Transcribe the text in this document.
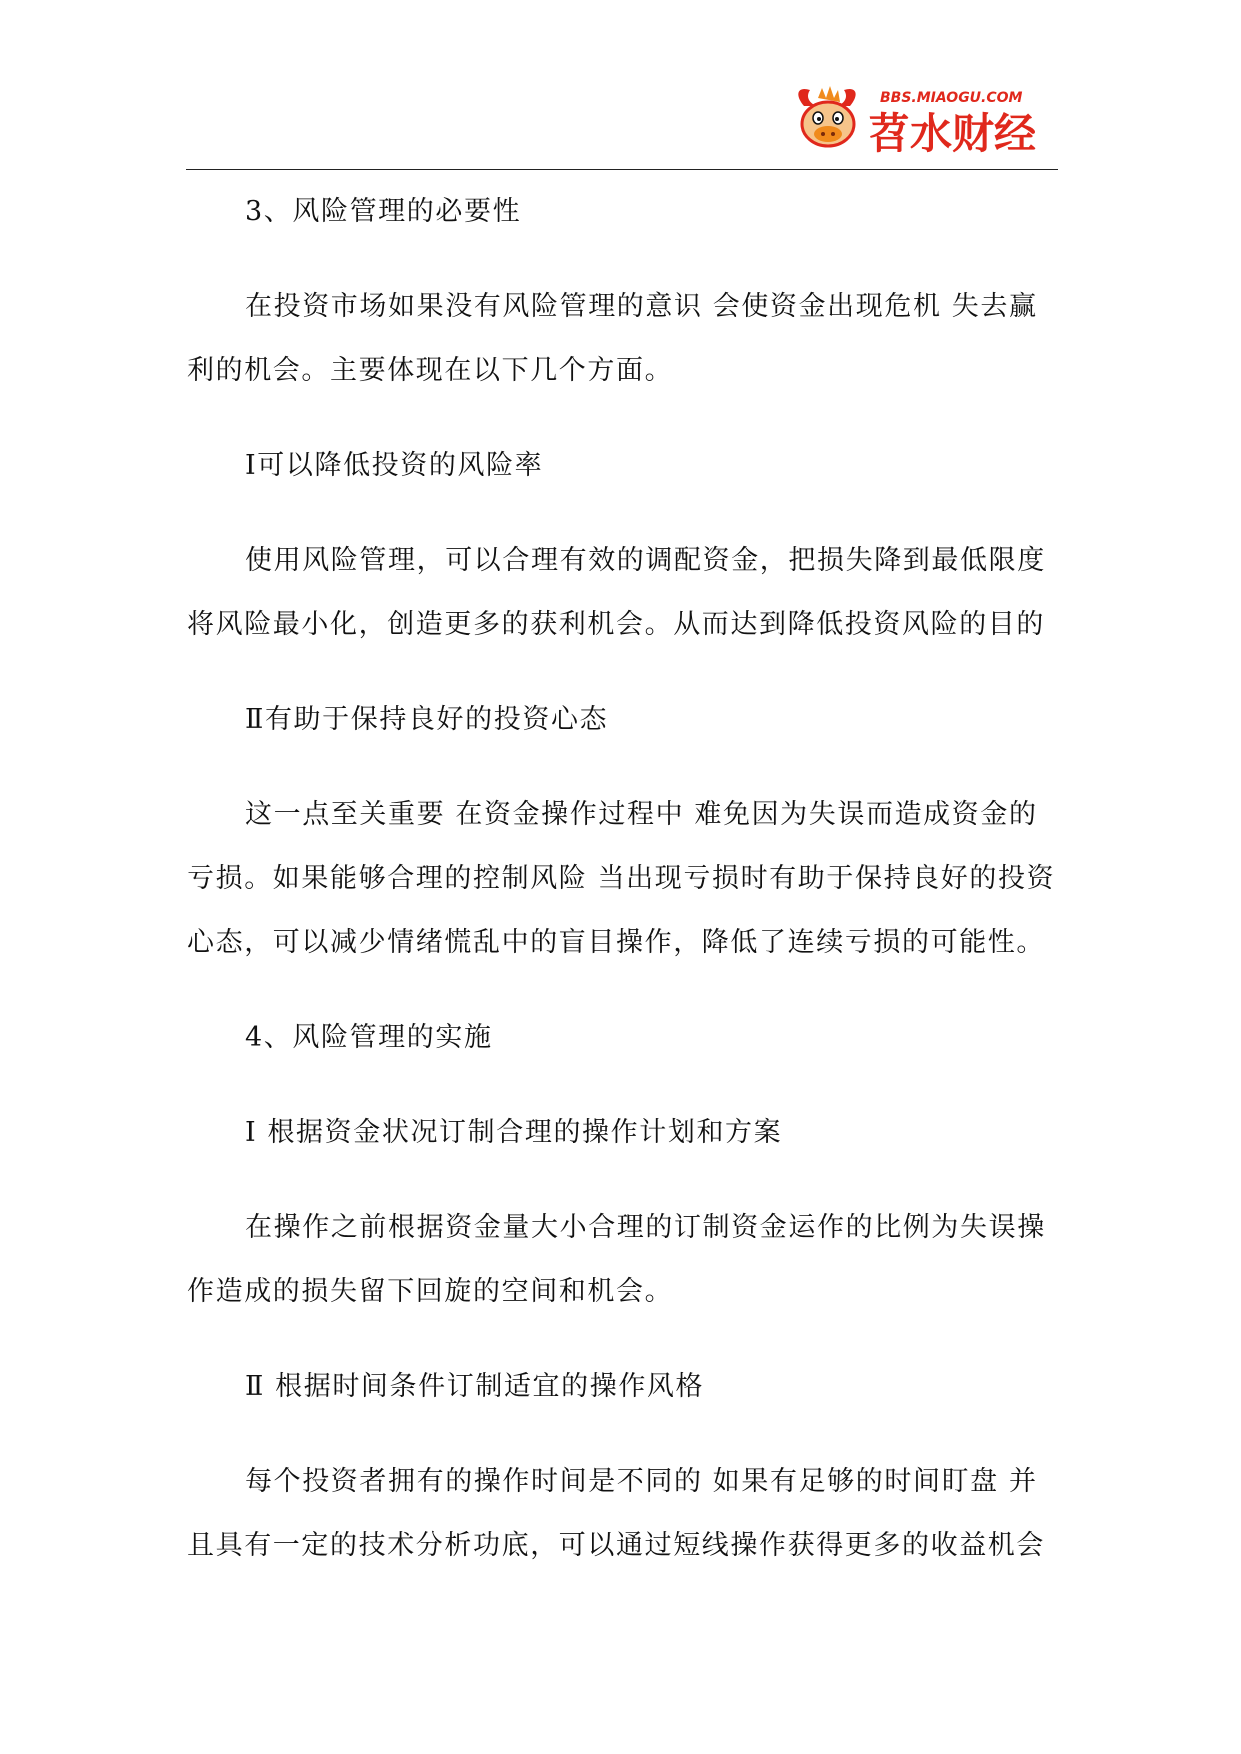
BBS.MIAOGU.COM
苕水财经

3、风险管理的必要性

在投资市场如果没有风险管理的意识 会使资金出现危机 失去赢
利的机会。主要体现在以下几个方面。

Ⅰ可以降低投资的风险率

使用风险管理，可以合理有效的调配资金，把损失降到最低限度
将风险最小化，创造更多的获利机会。从而达到降低投资风险的目的

Ⅱ有助于保持良好的投资心态

这一点至关重要 在资金操作过程中 难免因为失误而造成资金的
亏损。如果能够合理的控制风险 当出现亏损时有助于保持良好的投资
心态，可以减少情绪慌乱中的盲目操作，降低了连续亏损的可能性。

4、风险管理的实施

Ⅰ 根据资金状况订制合理的操作计划和方案

在操作之前根据资金量大小合理的订制资金运作的比例为失误操
作造成的损失留下回旋的空间和机会。

Ⅱ 根据时间条件订制适宜的操作风格

每个投资者拥有的操作时间是不同的 如果有足够的时间盯盘 并
且具有一定的技术分析功底，可以通过短线操作获得更多的收益机会
